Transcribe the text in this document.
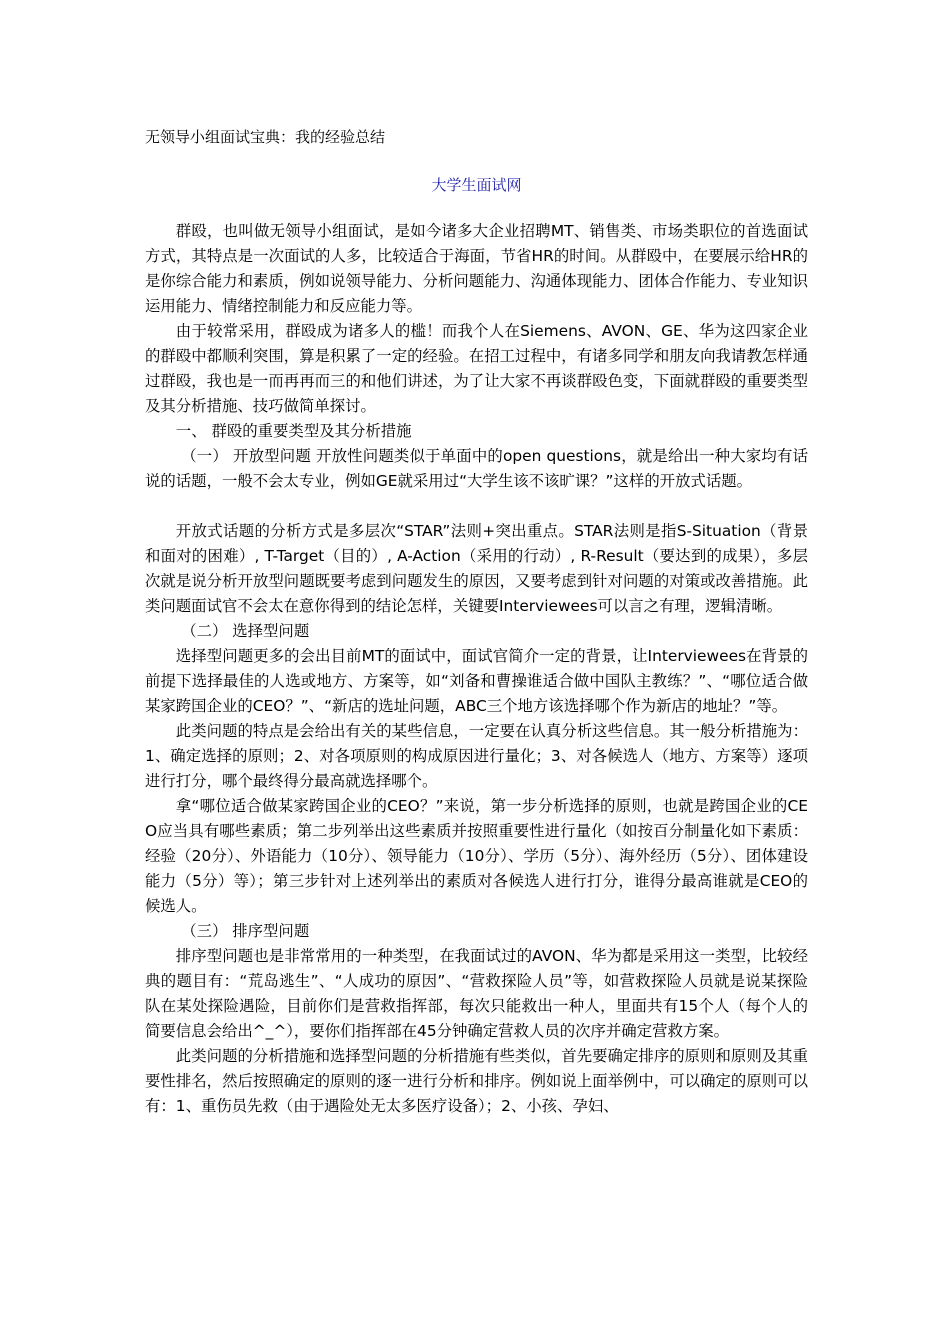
无领导小组面试宝典：我的经验总结

大学生面试网

群殴，也叫做无领导小组面试，是如今诸多大企业招聘MT、销售类、市场类职位的首选面试方式，其特点是一次面试的人多，比较适合于海面，节省HR的时间。从群殴中，在要展示给HR的是你综合能力和素质，例如说领导能力、分析问题能力、沟通体现能力、团体合作能力、专业知识运用能力、情绪控制能力和反应能力等。

由于较常采用，群殴成为诸多人的槛！而我个人在Siemens、AVON、GE、华为这四家企业的群殴中都顺利突围，算是积累了一定的经验。在招工过程中，有诸多同学和朋友向我请教怎样通过群殴，我也是一而再再而三的和他们讲述，为了让大家不再谈群殴色变，下面就群殴的重要类型及其分析措施、技巧做简单探讨。

一、 群殴的重要类型及其分析措施

（一） 开放型问题 开放性问题类似于单面中的open questions，就是给出一种大家均有话说的话题，一般不会太专业，例如GE就采用过“大学生该不该旷课？”这样的开放式话题。

开放式话题的分析方式是多层次“STAR”法则+突出重点。STAR法则是指S-Situation（背景和面对的困难）, T-Target（目的）, A-Action（采用的行动）, R-Result（要达到的成果），多层次就是说分析开放型问题既要考虑到问题发生的原因，又要考虑到针对问题的对策或改善措施。此类问题面试官不会太在意你得到的结论怎样，关键要Interviewees可以言之有理，逻辑清晰。

（二） 选择型问题

选择型问题更多的会出目前MT的面试中，面试官简介一定的背景，让Interviewees在背景的前提下选择最佳的人选或地方、方案等，如“刘备和曹操谁适合做中国队主教练？”、“哪位适合做某家跨国企业的CEO？”、“新店的选址问题，ABC三个地方该选择哪个作为新店的地址？”等。

此类问题的特点是会给出有关的某些信息，一定要在认真分析这些信息。其一般分析措施为：1、确定选择的原则；2、对各项原则的构成原因进行量化；3、对各候选人（地方、方案等）逐项进行打分，哪个最终得分最高就选择哪个。

拿“哪位适合做某家跨国企业的CEO？”来说，第一步分析选择的原则，也就是跨国企业的CEO应当具有哪些素质；第二步列举出这些素质并按照重要性进行量化（如按百分制量化如下素质：经验（20分）、外语能力（10分）、领导能力（10分）、学历（5分）、海外经历（5分）、团体建设能力（5分）等）；第三步针对上述列举出的素质对各候选人进行打分，谁得分最高谁就是CEO的候选人。

（三） 排序型问题

排序型问题也是非常常用的一种类型，在我面试过的AVON、华为都是采用这一类型，比较经典的题目有：“荒岛逃生”、“人成功的原因”、“营救探险人员”等，如营救探险人员就是说某探险队在某处探险遇险，目前你们是营救指挥部，每次只能救出一种人，里面共有15个人（每个人的简要信息会给出^_^），要你们指挥部在45分钟确定营救人员的次序并确定营救方案。

此类问题的分析措施和选择型问题的分析措施有些类似，首先要确定排序的原则和原则及其重要性排名，然后按照确定的原则的逐一进行分析和排序。例如说上面举例中，可以确定的原则可以有：1、重伤员先救（由于遇险处无太多医疗设备）；2、小孩、孕妇、
